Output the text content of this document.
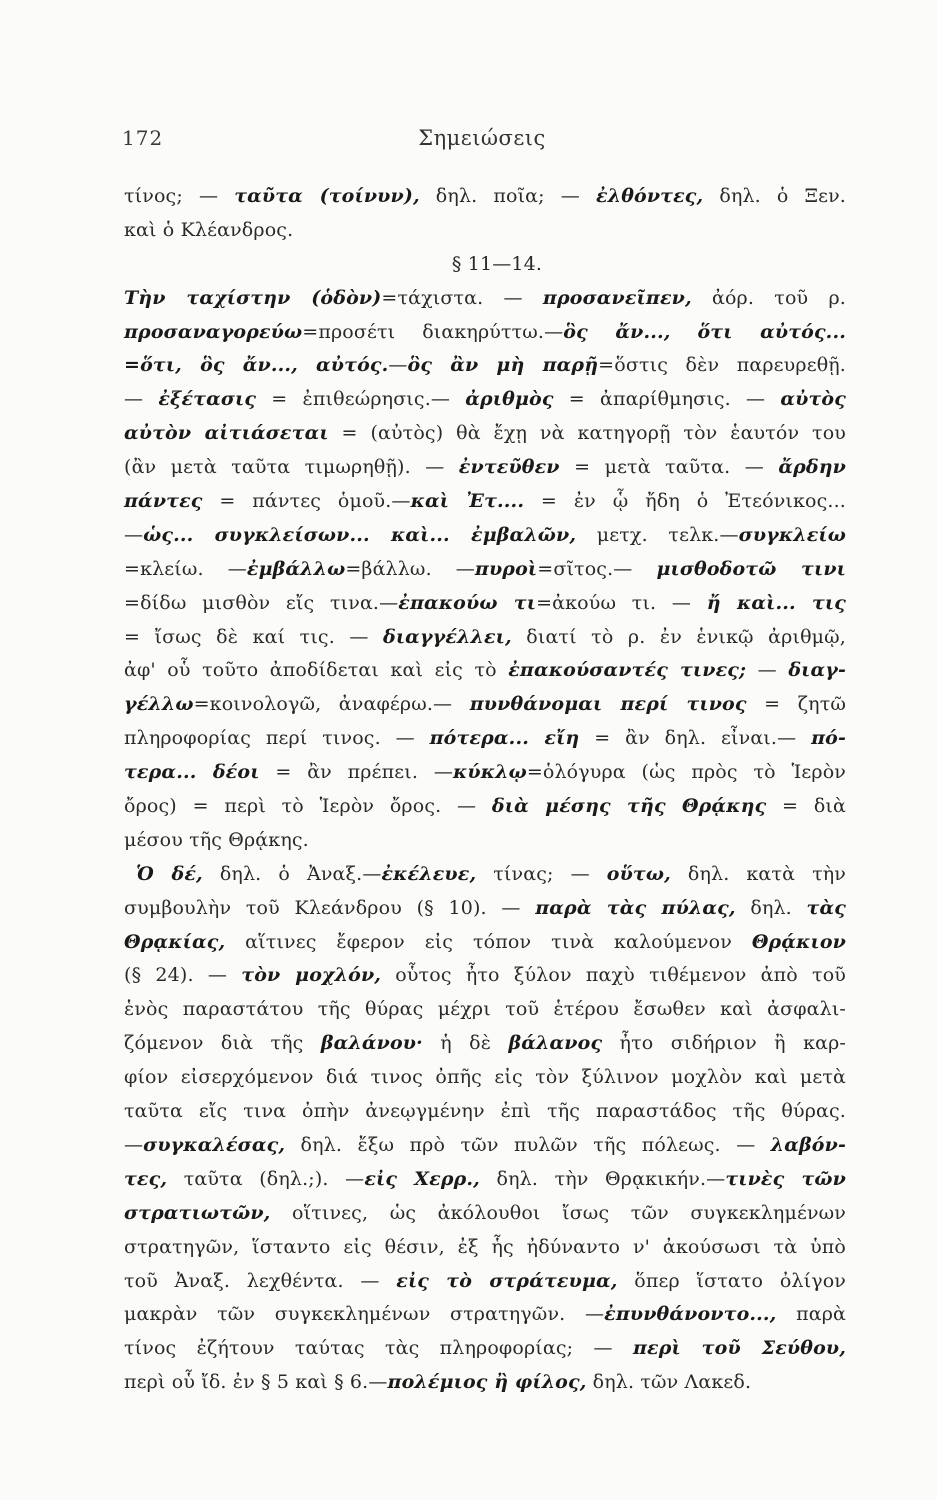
172	Σημειώσεις
τίνος; — ταῦτα (τοίνυν), δηλ. ποῖα; — ἐλθόντες, δηλ. ὁ Ξεν.
καὶ ὁ Κλέανδρος.
§ 11—14.
Τὴν ταχίστην (ὁδὸν)=τάχιστα. — προσανεῖπεν, ἀόρ. τοῦ ρ.
προσαναγορεύω=προσέτι διακηρύττω.—ὃς ἄν..., ὅτι αὐτός...
=ὅτι, ὃς ἄν..., αὐτός.—ὃς ἂν μὴ παρῇ=ὅστις δὲν παρευρεθῇ.
— ἐξέτασις = ἐπιθεώρησις.— ἀριθμὸς = ἀπαρίθμησις. — αὐτὸς
αὐτὸν αἰτιάσεται = (αὐτὸς) θὰ ἔχῃ νὰ κατηγορῇ τὸν ἑαυτόν του
(ἂν μετὰ ταῦτα τιμωρηθῇ). — ἐντεῦθεν = μετὰ ταῦτα. — ἄρδην
πάντες = πάντες ὁμοῦ.—καὶ Ἐτ.... = ἐν ᾧ ἤδη ὁ Ἐτεόνικος...
—ὡς... συγκλείσων... καὶ... ἐμβαλῶν, μετχ. τελκ.—συγκλείω
=κλείω. —ἐμβάλλω=βάλλω. —πυροὶ=σῖτος.— μισθοδοτῶ τινι
=δίδω μισθὸν εἴς τινα.—ἐπακούω τι=ἀκούω τι. — ἤ καὶ... τις
= ἴσως δὲ καί τις. — διαγγέλλει, διατί τὸ ρ. ἐν ἑνικῷ ἀριθμῷ,
ἀφ' οὗ τοῦτο ἀποδίδεται καὶ εἰς τὸ ἐπακούσαντές τινες; — διαγ-
γέλλω=κοινολογῶ, ἀναφέρω.— πυνθάνομαι περί τινος = ζητῶ
πληροφορίας περί τινος. — πότερα... εἴη = ἂν δηλ. εἶναι.— πό-
τερα... δέοι = ἂν πρέπει. —κύκλῳ=ὁλόγυρα (ὡς πρὸς τὸ Ἱερὸν
ὄρος) = περὶ τὸ Ἱερὸν ὄρος. — διὰ μέσης τῆς Θρᾴκης = διὰ
μέσου τῆς Θρᾴκης.
Ὁ δέ, δηλ. ὁ Ἀναξ.—ἐκέλευε, τίνας; — οὕτω, δηλ. κατὰ τὴν
συμβουλὴν τοῦ Κλεάνδρου (§ 10). — παρὰ τὰς πύλας, δηλ. τὰς
Θρᾳκίας, αἵτινες ἔφερον εἰς τόπον τινὰ καλούμενον Θρᾴκιον
(§ 24). — τὸν μοχλόν, οὗτος ἦτο ξύλον παχὺ τιθέμενον ἀπὸ τοῦ
ἑνὸς παραστάτου τῆς θύρας μέχρι τοῦ ἑτέρου ἔσωθεν καὶ ἀσφαλι-
ζόμενον διὰ τῆς βαλάνου· ἡ δὲ βάλανος ἦτο σιδήριον ἢ καρ-
φίον εἰσερχόμενον διά τινος ὀπῆς εἰς τὸν ξύλινον μοχλὸν καὶ μετὰ
ταῦτα εἴς τινα ὀπὴν ἀνεῳγμένην ἐπὶ τῆς παραστάδος τῆς θύρας.
—συγκαλέσας, δηλ. ἔξω πρὸ τῶν πυλῶν τῆς πόλεως. — λαβόν-
τες, ταῦτα (δηλ.;). —εἰς Χερρ., δηλ. τὴν Θρᾳκικήν.—τινὲς τῶν
στρατιωτῶν, οἵτινες, ὡς ἀκόλουθοι ἴσως τῶν συγκεκλημένων
στρατηγῶν, ἵσταντο εἰς θέσιν, ἐξ ἧς ἠδύναντο ν' ἀκούσωσι τὰ ὑπὸ
τοῦ Ἀναξ. λεχθέντα. — εἰς τὸ στράτευμα, ὅπερ ἵστατο ὀλίγον
μακρὰν τῶν συγκεκλημένων στρατηγῶν. —ἐπυνθάνοντο..., παρὰ
τίνος ἐζήτουν ταύτας τὰς πληροφορίας; — περὶ τοῦ Σεύθου,
περὶ οὗ ἴδ. ἐν § 5 καὶ § 6.—πολέμιος ἢ φίλος, δηλ. τῶν Λακεδ.
